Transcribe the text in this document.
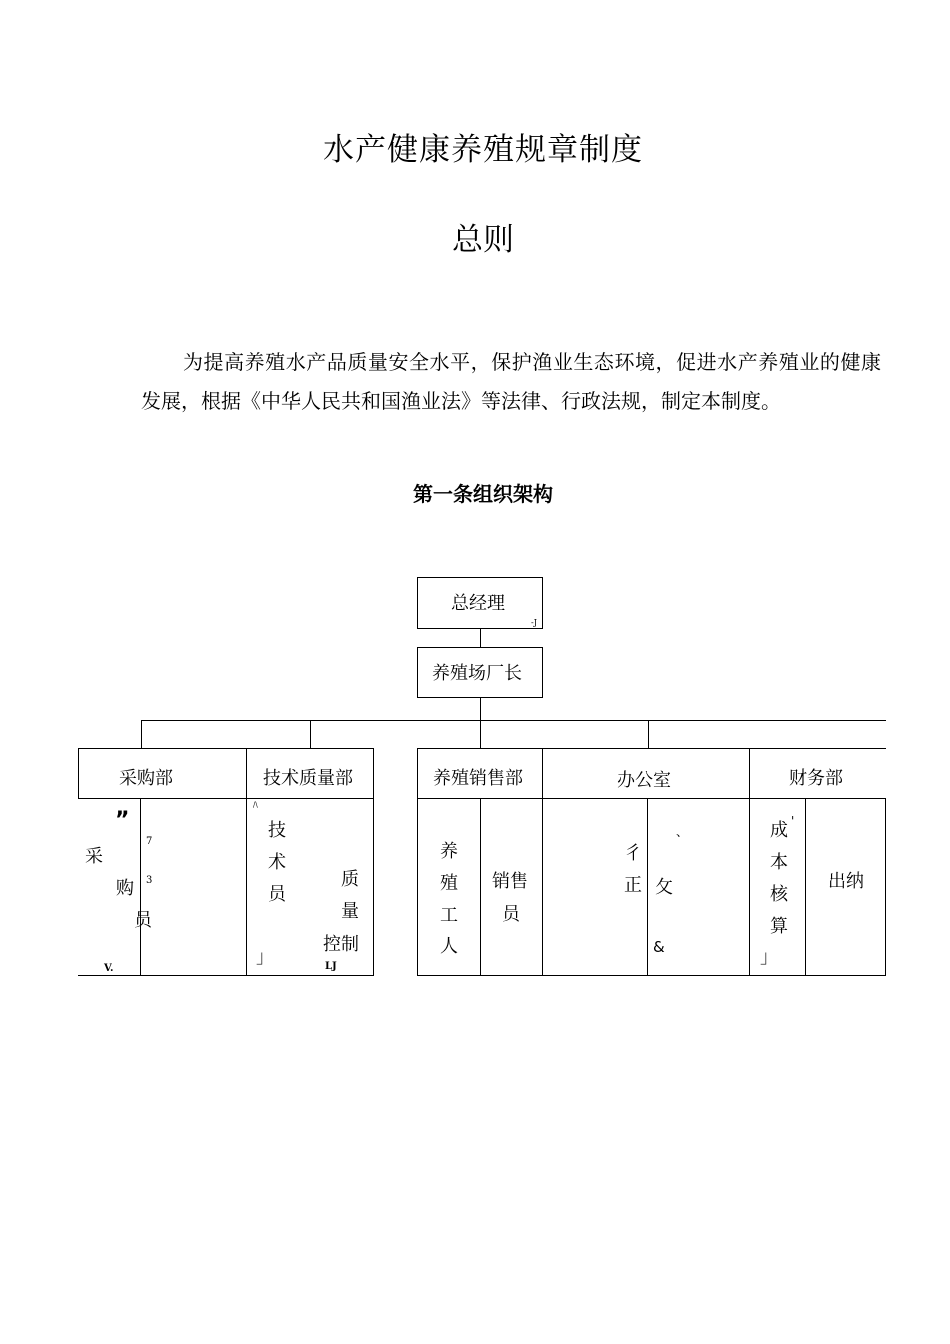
水产健康养殖规章制度
总则
为提高养殖水产品质量安全水平，保护渔业生态环境，促进水产养殖业的健康发展，根据《中华人民共和国渔业法》等法律、行政法规，制定本制度。
第一条组织架构
总经理
-J
养殖场厂长
采购部	技术质量部
”
采
购
员
7
3
V.
/\
技
术
员
」
质
量
控制
LJ
养殖销售部	办公室	财务部
养
殖
工
人
销售
员
彳
正
、
攵
&
成 '
本
核
算
」
出纳
